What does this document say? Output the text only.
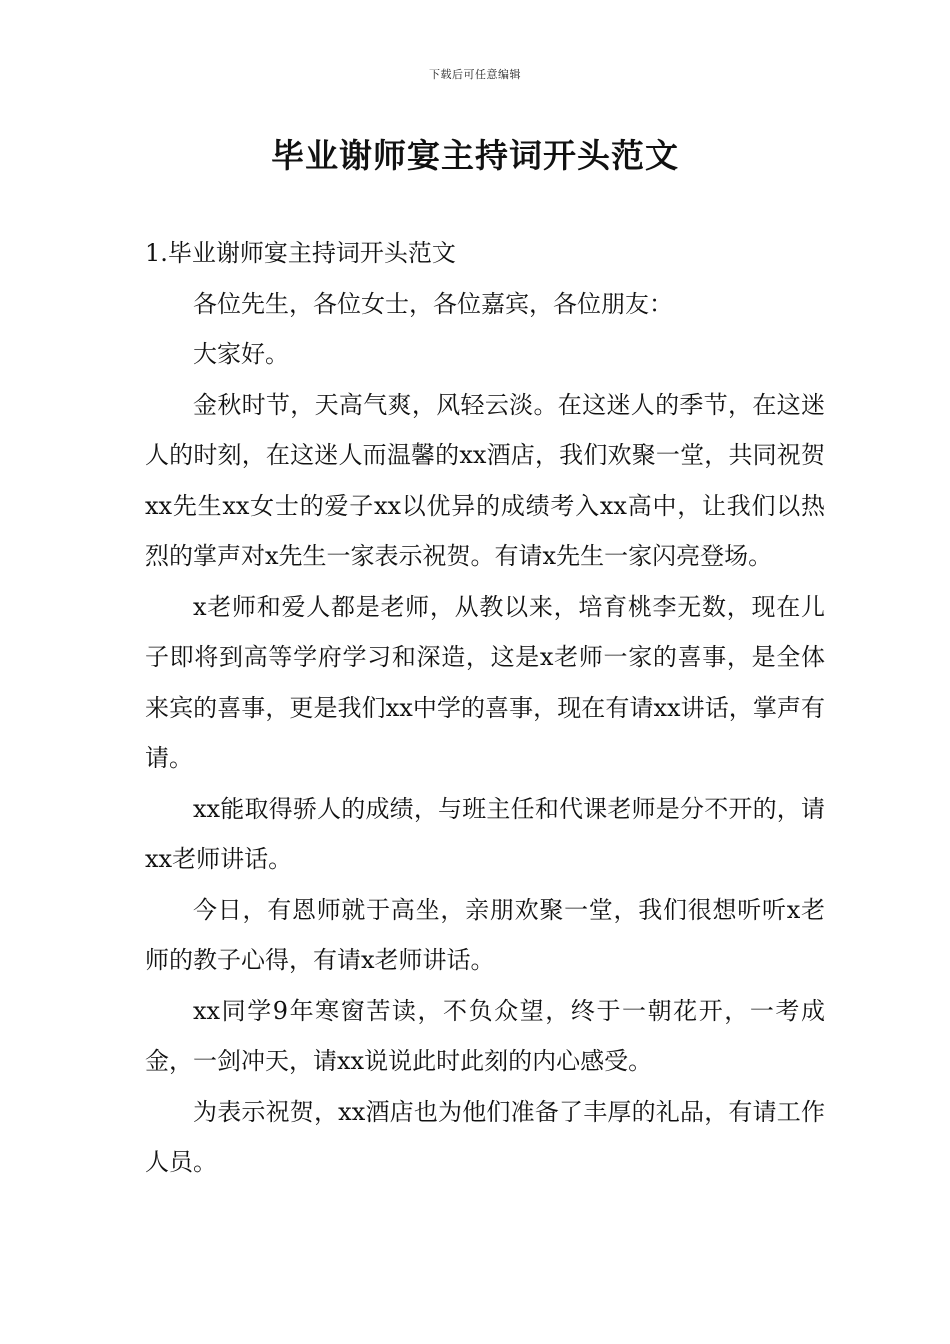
下载后可任意编辑
毕业谢师宴主持词开头范文

1.毕业谢师宴主持词开头范文

各位先生，各位女士，各位嘉宾，各位朋友：

大家好。

金秋时节，天高气爽，风轻云淡。在这迷人的季节，在这迷人的时刻，在这迷人而温馨的xx酒店，我们欢聚一堂，共同祝贺xx先生xx女士的爱子xx以优异的成绩考入xx高中，让我们以热烈的掌声对x先生一家表示祝贺。有请x先生一家闪亮登场。

x老师和爱人都是老师，从教以来，培育桃李无数，现在儿子即将到高等学府学习和深造，这是x老师一家的喜事，是全体来宾的喜事，更是我们xx中学的喜事，现在有请xx讲话，掌声有请。

xx能取得骄人的成绩，与班主任和代课老师是分不开的，请xx老师讲话。

今日，有恩师就于高坐，亲朋欢聚一堂，我们很想听听x老师的教子心得，有请x老师讲话。

xx同学9年寒窗苦读，不负众望，终于一朝花开，一考成金，一剑冲天，请xx说说此时此刻的内心感受。

为表示祝贺，xx酒店也为他们准备了丰厚的礼品，有请工作人员。
